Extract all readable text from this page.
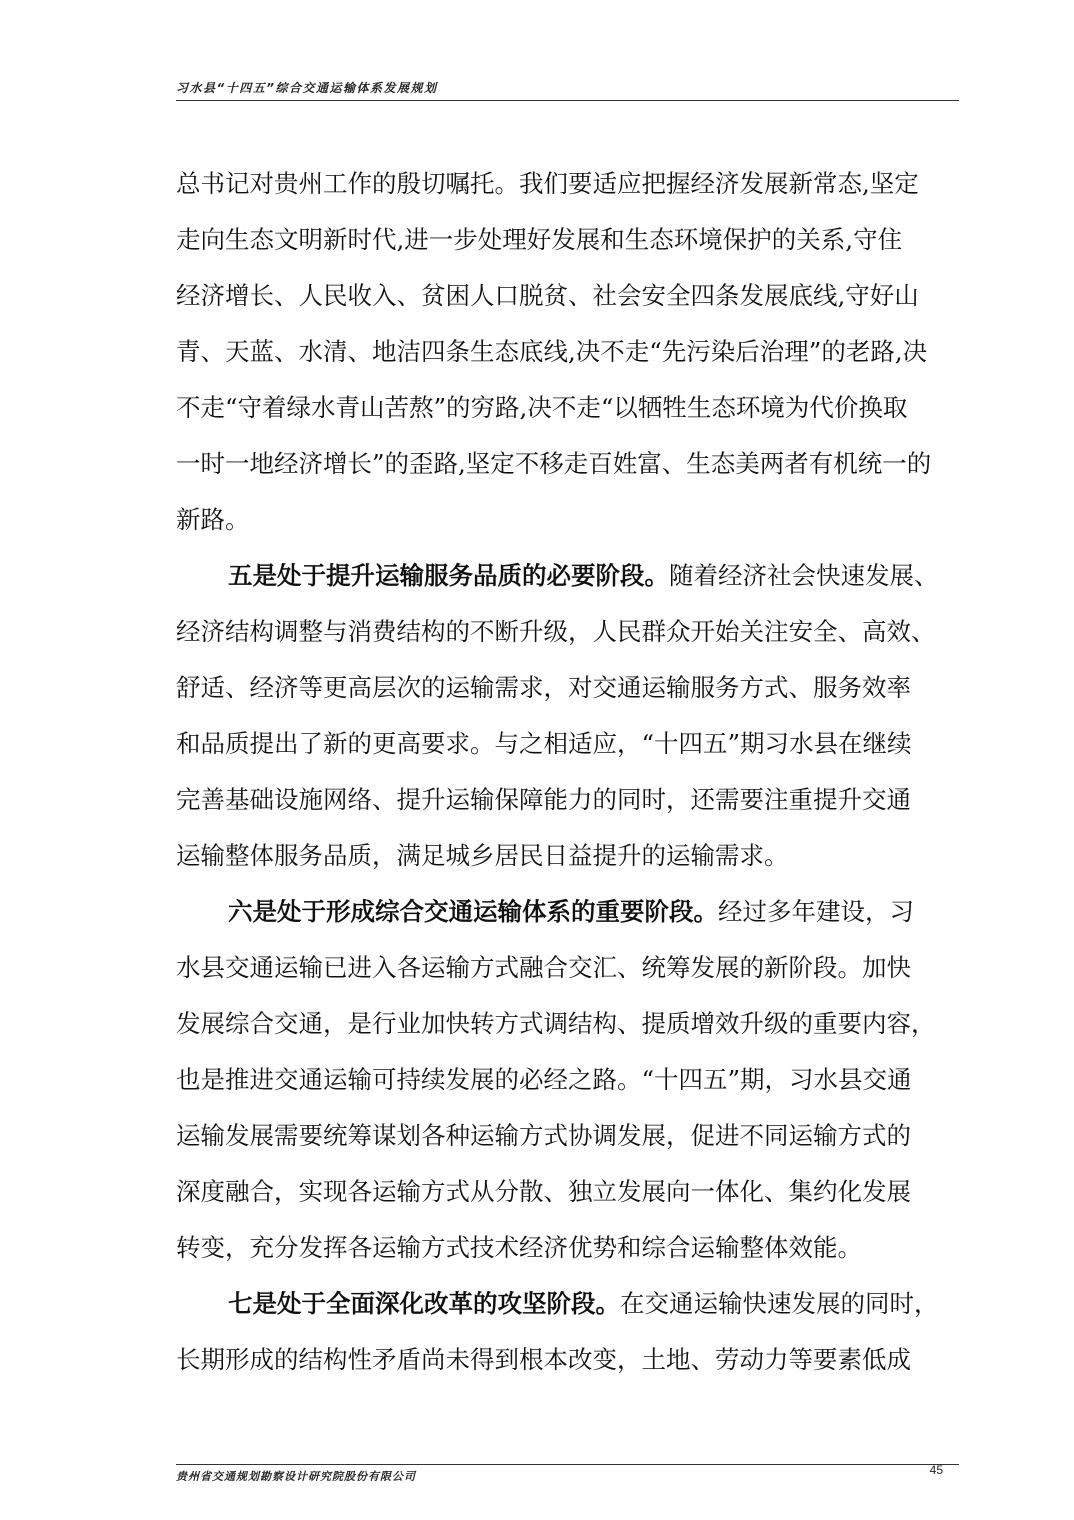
习水县“十四五”综合交通运输体系发展规划
总书记对贵州工作的殷切嘱托。我们要适应把握经济发展新常态,坚定
走向生态文明新时代,进一步处理好发展和生态环境保护的关系,守住
经济增长、人民收入、贫困人口脱贫、社会安全四条发展底线,守好山
青、天蓝、水清、地洁四条生态底线,决不走“先污染后治理”的老路,决
不走“守着绿水青山苦熬”的穷路,决不走“以牺牲生态环境为代价换取
一时一地经济增长”的歪路,坚定不移走百姓富、生态美两者有机统一的
新路。
五是处于提升运输服务品质的必要阶段。随着经济社会快速发展、
经济结构调整与消费结构的不断升级，人民群众开始关注安全、高效、
舒适、经济等更高层次的运输需求，对交通运输服务方式、服务效率
和品质提出了新的更高要求。与之相适应，“十四五”期习水县在继续
完善基础设施网络、提升运输保障能力的同时，还需要注重提升交通
运输整体服务品质，满足城乡居民日益提升的运输需求。
六是处于形成综合交通运输体系的重要阶段。经过多年建设，习
水县交通运输已进入各运输方式融合交汇、统筹发展的新阶段。加快
发展综合交通，是行业加快转方式调结构、提质增效升级的重要内容，
也是推进交通运输可持续发展的必经之路。“十四五”期，习水县交通
运输发展需要统筹谋划各种运输方式协调发展，促进不同运输方式的
深度融合，实现各运输方式从分散、独立发展向一体化、集约化发展
转变，充分发挥各运输方式技术经济优势和综合运输整体效能。
七是处于全面深化改革的攻坚阶段。在交通运输快速发展的同时，
长期形成的结构性矛盾尚未得到根本改变，土地、劳动力等要素低成
贵州省交通规划勘察设计研究院股份有限公司	45
